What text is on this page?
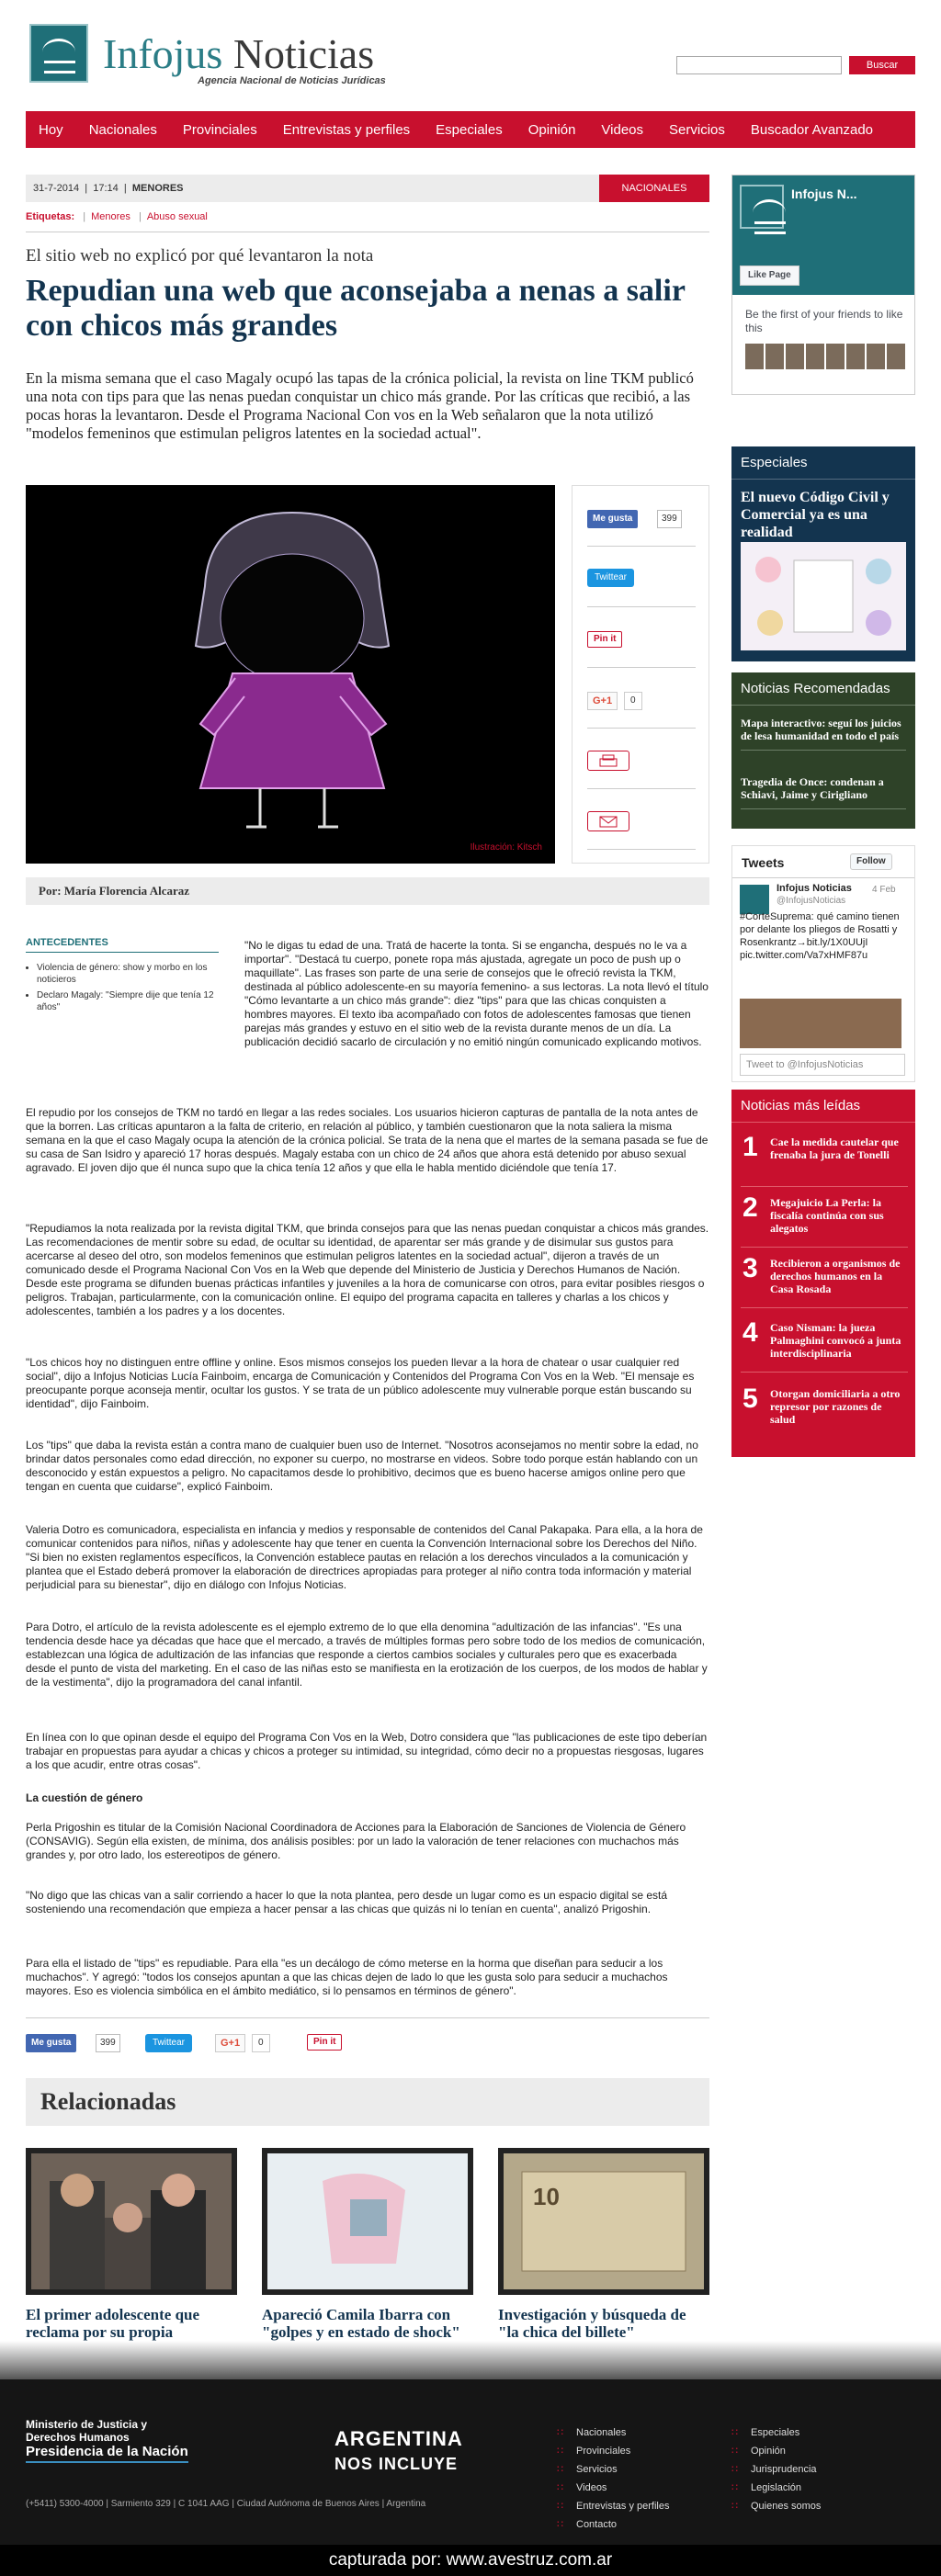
Infojus Noticias
Agencia Nacional de Noticias Jurídicas
Buscar
Hoy	Nacionales	Provinciales	Entrevistas y perfiles	Especiales	Opinión	Videos	Servicios	Buscador Avanzado
31-7-2014  |  17:14  |  MENORES	NACIONALES
Etiquetas: | Menores | Abuso sexual
El sitio web no explicó por qué levantaron la nota
Repudian una web que aconsejaba a nenas a salir con chicos más grandes

En la misma semana que el caso Magaly ocupó las tapas de la crónica policial, la revista on line TKM publicó una nota con tips para que las nenas puedan conquistar un chico más grande. Por las críticas que recibió, a las pocas horas la levantaron. Desde el Programa Nacional Con vos en la Web señalaron que la nota utilizó "modelos femeninos que estimulan peligros latentes en la sociedad actual".

Ilustración: Kitsch
Me gusta	399
Twittear
Pin it
G+1	0
Por: María Florencia Alcaraz
ANTECEDENTES
• Violencia de género: show y morbo en los noticieros
• Declaro Magaly: "Siempre dije que tenía 12 años"

"No le digas tu edad de una. Tratá de hacerte la tonta. Si se engancha, después no le va a importar". "Destacá tu cuerpo, ponete ropa más ajustada, agregate un poco de push up o maquillate". Las frases son parte de una serie de consejos que le ofreció revista la TKM, destinada al público adolescente-en su mayoría femenino- a sus lectoras. La nota llevó el título "Cómo levantarte a un chico más grande": diez "tips" para que las chicas conquisten a hombres mayores. El texto iba acompañado con fotos de adolescentes famosas que tienen parejas más grandes y estuvo en el sitio web de la revista durante menos de un día. La publicación decidió sacarlo de circulación y no emitió ningún comunicado explicando motivos.

El repudio por los consejos de TKM no tardó en llegar a las redes sociales. Los usuarios hicieron capturas de pantalla de la nota antes de que la borren. Las críticas apuntaron a la falta de criterio, en relación al público, y también cuestionaron que la nota saliera la misma semana en la que el caso Magaly ocupa la atención de la crónica policial. Se trata de la nena que el martes de la semana pasada se fue de su casa de San Isidro y apareció 17 horas después. Magaly estaba con un chico de 24 años que ahora está detenido por abuso sexual agravado. El joven dijo que él nunca supo que la chica tenía 12 años y que ella le habla mentido diciéndole que tenía 17.

"Repudiamos la nota realizada por la revista digital TKM, que brinda consejos para que las nenas puedan conquistar a chicos más grandes. Las recomendaciones de mentir sobre su edad, de ocultar su identidad, de aparentar ser más grande y de disimular sus gustos para acercarse al deseo del otro, son modelos femeninos que estimulan peligros latentes en la sociedad actual", dijeron a través de un comunicado desde el Programa Nacional Con Vos en la Web que depende del Ministerio de Justicia y Derechos Humanos de Nación. Desde este programa se difunden buenas prácticas infantiles y juveniles a la hora de comunicarse con otros, para evitar posibles riesgos o peligros. Trabajan, particularmente, con la comunicación online. El equipo del programa capacita en talleres y charlas a los chicos y adolescentes, también a los padres y a los docentes.

"Los chicos hoy no distinguen entre offline y online. Esos mismos consejos los pueden llevar a la hora de chatear o usar cualquier red social", dijo a Infojus Noticias Lucía Fainboim, encarga de Comunicación y Contenidos del Programa Con Vos en la Web. "El mensaje es preocupante porque aconseja mentir, ocultar los gustos. Y se trata de un público adolescente muy vulnerable porque están buscando su identidad", dijo Fainboim.

Los "tips" que daba la revista están a contra mano de cualquier buen uso de Internet. "Nosotros aconsejamos no mentir sobre la edad, no brindar datos personales como edad dirección, no exponer su cuerpo, no mostrarse en videos. Sobre todo porque están hablando con un desconocido y están expuestos a peligro. No capacitamos desde lo prohibitivo, decimos que es bueno hacerse amigos online pero que tengan en cuenta que cuidarse", explicó Fainboim.

Valeria Dotro es comunicadora, especialista en infancia y medios y responsable de contenidos del Canal Pakapaka. Para ella, a la hora de comunicar contenidos para niños, niñas y adolescente hay que tener en cuenta la Convención Internacional sobre los Derechos del Niño. "Si bien no existen reglamentos específicos, la Convención establece pautas en relación a los derechos vinculados a la comunicación y plantea que el Estado deberá promover la elaboración de directrices apropiadas para proteger al niño contra toda información y material perjudicial para su bienestar", dijo en diálogo con Infojus Noticias.

Para Dotro, el artículo de la revista adolescente es el ejemplo extremo de lo que ella denomina "adultización de las infancias". "Es una tendencia desde hace ya décadas que hace que el mercado, a través de múltiples formas pero sobre todo de los medios de comunicación, establezcan una lógica de adultización de las infancias que responde a ciertos cambios sociales y culturales pero que es exacerbada desde el punto de vista del marketing. En el caso de las niñas esto se manifiesta en la erotización de los cuerpos, de los modos de hablar y de la vestimenta", dijo la programadora del canal infantil.

En línea con lo que opinan desde el equipo del Programa Con Vos en la Web, Dotro considera que "las publicaciones de este tipo deberían trabajar en propuestas para ayudar a chicas y chicos a proteger su intimidad, su integridad, cómo decir no a propuestas riesgosas, lugares a los que acudir, entre otras cosas".

La cuestión de género

Perla Prigoshin es titular de la Comisión Nacional Coordinadora de Acciones para la Elaboración de Sanciones de Violencia de Género (CONSAVIG). Según ella existen, de mínima, dos análisis posibles: por un lado la valoración de tener relaciones con muchachos más grandes y, por otro lado, los estereotipos de género.

"No digo que las chicas van a salir corriendo a hacer lo que la nota plantea, pero desde un lugar como es un espacio digital se está sosteniendo una recomendación que empieza a hacer pensar a las chicas que quizás ni lo tenían en cuenta", analizó Prigoshin.

Para ella el listado de "tips" es repudiable. Para ella "es un decálogo de cómo meterse en la horma que diseñan para seducir a los muchachos". Y agregó: "todos los consejos apuntan a que las chicas dejen de lado lo que les gusta solo para seducir a muchachos mayores. Eso es violencia simbólica en el ámbito mediático, si lo pensamos en términos de género".

Me gusta	399	Twittear	G+1	0	Pin it
Relacionadas
El primer adolescente que reclama por su propia
Apareció Camila Ibarra con "golpes y en estado de shock"
10
Investigación y búsqueda de "la chica del billete"
Infojus N...
Like Page
Be the first of your friends to like this
Especiales
El nuevo Código Civil y Comercial ya es una realidad
Noticias Recomendadas
Mapa interactivo: seguí los juicios de lesa humanidad en todo el país
Tragedia de Once: condenan a Schiavi, Jaime y Cirigliano
Tweets	Follow
Infojus Noticias
@InfojusNoticias
4 Feb
#CorteSuprema: qué camino tienen por delante los pliegos de Rosatti y Rosenkrantz→bit.ly/1X0UUjI pic.twitter.com/Va7xHMF87u
Tweet to @InfojusNoticias
Noticias más leídas
1 Cae la medida cautelar que frenaba la jura de Tonelli
2 Megajuicio La Perla: la fiscalía continúa con sus alegatos
3 Recibieron a organismos de derechos humanos en la Casa Rosada
4 Caso Nisman: la jueza Palmaghini convocó a junta interdisciplinaria
5 Otorgan domiciliaria a otro represor por razones de salud
Ministerio de Justicia y Derechos Humanos
Presidencia de la Nación
(+5411) 5300-4000 | Sarmiento 329 | C 1041 AAG | Ciudad Autónoma de Buenos Aires | Argentina
ARGENTINA
NOS INCLUYE
∷ Nacionales
∷ Provinciales
∷ Servicios
∷ Videos
∷ Entrevistas y perfiles
∷ Contacto
∷ Especiales
∷ Opinión
∷ Jurisprudencia
∷ Legislación
∷ Quienes somos
capturada por: www.avestruz.com.ar
